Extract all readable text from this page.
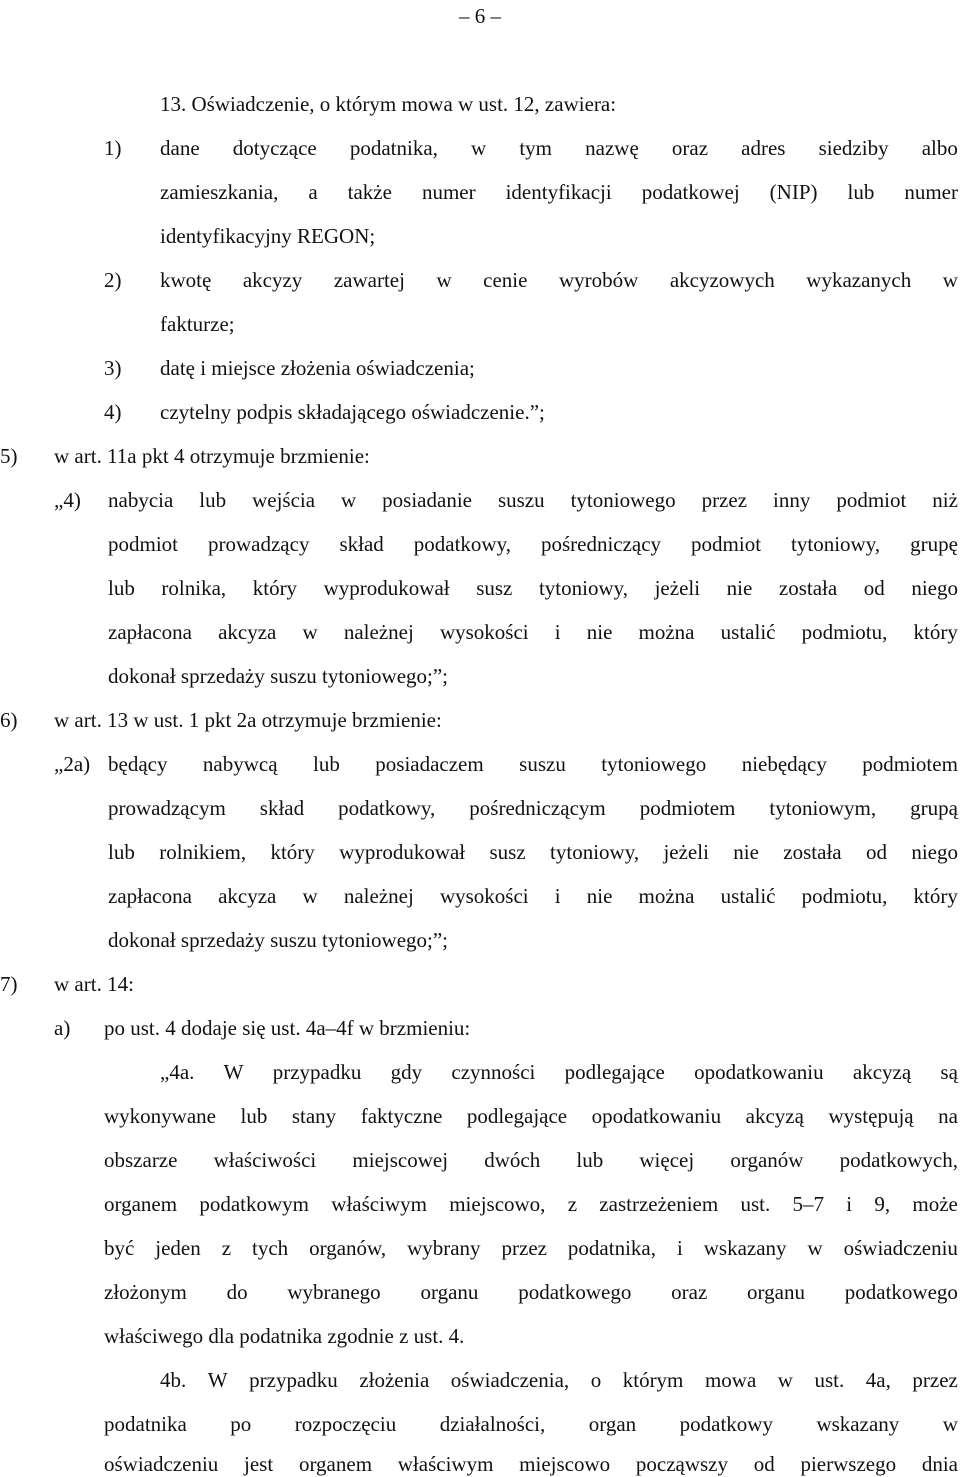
– 6 –
13. Oświadczenie, o którym mowa w ust. 12, zawiera:
1) dane dotyczące podatnika, w tym nazwę oraz adres siedziby albo
zamieszkania, a także numer identyfikacji podatkowej (NIP) lub numer
identyfikacyjny REGON;
2) kwotę akcyzy zawartej w cenie wyrobów akcyzowych wykazanych w
fakturze;
3) datę i miejsce złożenia oświadczenia;
4) czytelny podpis składającego oświadczenie.”;
5) w art. 11a pkt 4 otrzymuje brzmienie:
„4) nabycia lub wejścia w posiadanie suszu tytoniowego przez inny podmiot niż
podmiot prowadzący skład podatkowy, pośredniczący podmiot tytoniowy, grupę
lub rolnika, który wyprodukował susz tytoniowy, jeżeli nie została od niego
zapłacona akcyza w należnej wysokości i nie można ustalić podmiotu, który
dokonał sprzedaży suszu tytoniowego;”;
6) w art. 13 w ust. 1 pkt 2a otrzymuje brzmienie:
„2a) będący nabywcą lub posiadaczem suszu tytoniowego niebędący podmiotem
prowadzącym skład podatkowy, pośredniczącym podmiotem tytoniowym, grupą
lub rolnikiem, który wyprodukował susz tytoniowy, jeżeli nie została od niego
zapłacona akcyza w należnej wysokości i nie można ustalić podmiotu, który
dokonał sprzedaży suszu tytoniowego;”;
7) w art. 14:
a) po ust. 4 dodaje się ust. 4a–4f w brzmieniu:
„4a. W przypadku gdy czynności podlegające opodatkowaniu akcyzą są
wykonywane lub stany faktyczne podlegające opodatkowaniu akcyzą występują na
obszarze właściwości miejscowej dwóch lub więcej organów podatkowych,
organem podatkowym właściwym miejscowo, z zastrzeżeniem ust. 5–7 i 9, może
być jeden z tych organów, wybrany przez podatnika, i wskazany w oświadczeniu
złożonym do wybranego organu podatkowego oraz organu podatkowego
właściwego dla podatnika zgodnie z ust. 4.
4b. W przypadku złożenia oświadczenia, o którym mowa w ust. 4a, przez
podatnika po rozpoczęciu działalności, organ podatkowy wskazany w
oświadczeniu jest organem właściwym miejscowo począwszy od pierwszego dnia
